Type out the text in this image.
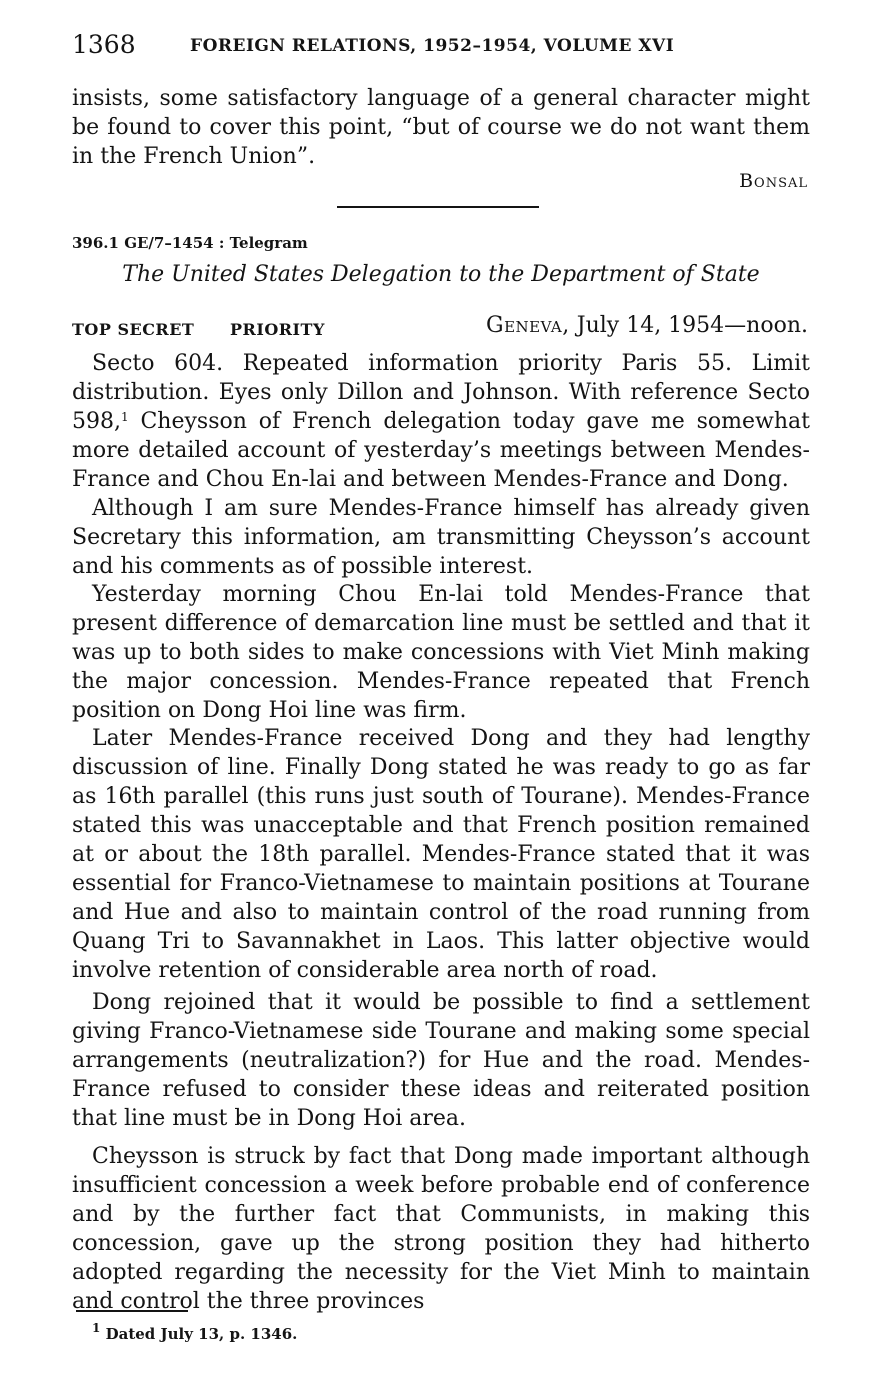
1368	FOREIGN RELATIONS, 1952–1954, VOLUME XVI
insists, some satisfactory language of a general character might be found to cover this point, “but of course we do not want them in the French Union”.
Bonsal
396.1 GE/7–1454 : Telegram
The United States Delegation to the Department of State
TOP SECRET PRIORITY	Geneva, July 14, 1954—noon.
Secto 604. Repeated information priority Paris 55. Limit distribution. Eyes only Dillon and Johnson. With reference Secto 598,$^1$ Cheysson of French delegation today gave me somewhat more detailed account of yesterday’s meetings between Mendes-France and Chou En-lai and between Mendes-France and Dong.
Although I am sure Mendes-France himself has already given Secretary this information, am transmitting Cheysson’s account and his comments as of possible interest.
Yesterday morning Chou En-lai told Mendes-France that present difference of demarcation line must be settled and that it was up to both sides to make concessions with Viet Minh making the major concession. Mendes-France repeated that French position on Dong Hoi line was firm.
Later Mendes-France received Dong and they had lengthy discussion of line. Finally Dong stated he was ready to go as far as 16th parallel (this runs just south of Tourane). Mendes-France stated this was unacceptable and that French position remained at or about the 18th parallel. Mendes-France stated that it was essential for Franco-Vietnamese to maintain positions at Tourane and Hue and also to maintain control of the road running from Quang Tri to Savannakhet in Laos. This latter objective would involve retention of considerable area north of road.
Dong rejoined that it would be possible to find a settlement giving Franco-Vietnamese side Tourane and making some special arrangements (neutralization?) for Hue and the road. Mendes-France refused to consider these ideas and reiterated position that line must be in Dong Hoi area.
Cheysson is struck by fact that Dong made important although insufficient concession a week before probable end of conference and by the further fact that Communists, in making this concession, gave up the strong position they had hitherto adopted regarding the necessity for the Viet Minh to maintain and control the three provinces
$^1$ Dated July 13, p. 1346.
